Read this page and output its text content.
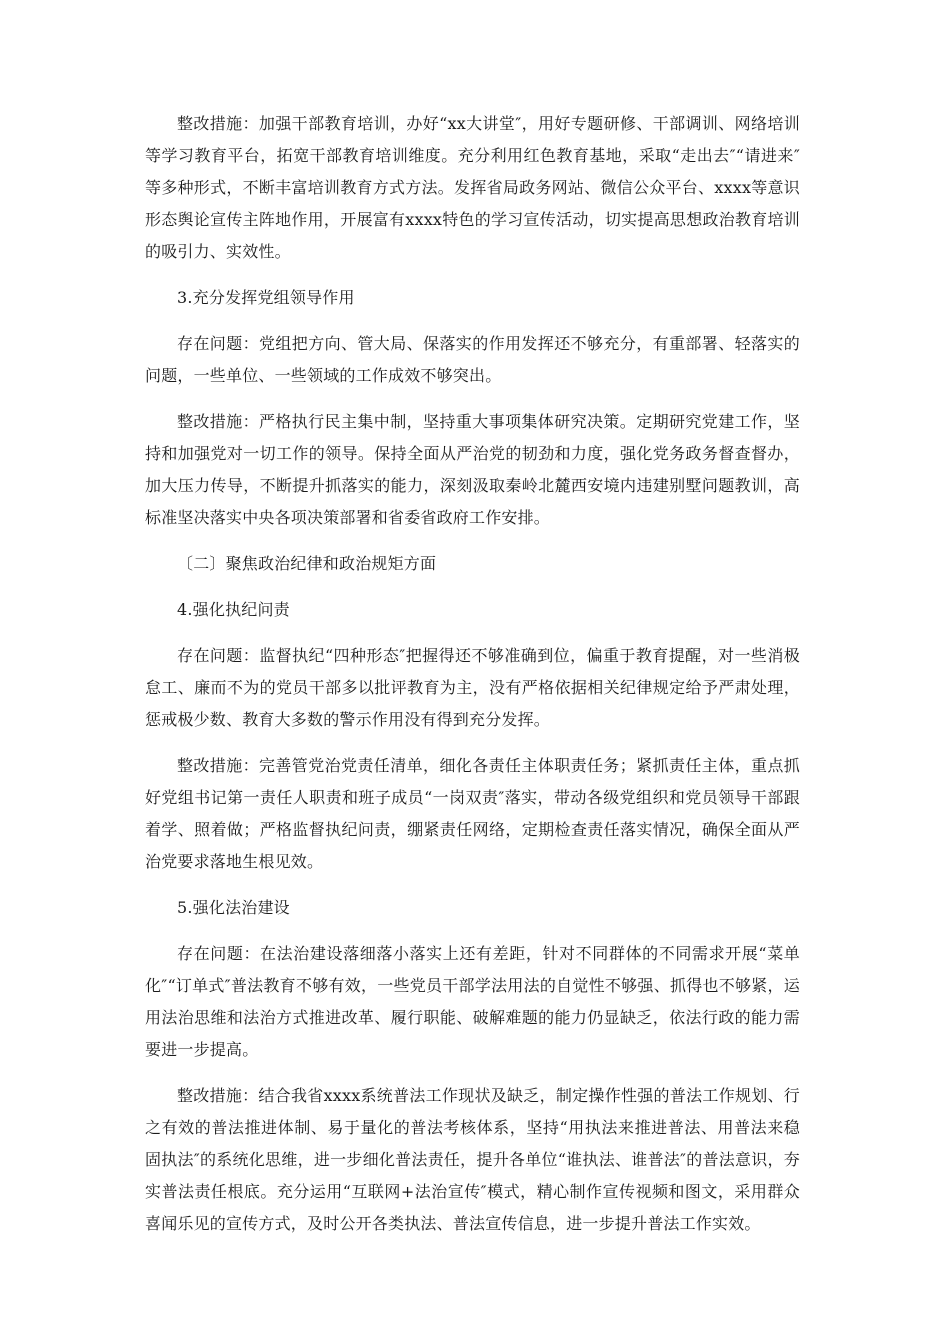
整改措施：加强干部教育培训，办好“xx大讲堂″，用好专题研修、干部调训、网络培训等学习教育平台，拓宽干部教育培训维度。充分利用红色教育基地，采取“走出去″“请进来″等多种形式，不断丰富培训教育方式方法。发挥省局政务网站、微信公众平台、xxxx等意识形态舆论宣传主阵地作用，开展富有xxxx特色的学习宣传活动，切实提高思想政治教育培训的吸引力、实效性。

3.充分发挥党组领导作用

存在问题：党组把方向、管大局、保落实的作用发挥还不够充分，有重部署、轻落实的问题，一些单位、一些领域的工作成效不够突出。

整改措施：严格执行民主集中制，坚持重大事项集体研究决策。定期研究党建工作，坚持和加强党对一切工作的领导。保持全面从严治党的韧劲和力度，强化党务政务督查督办，加大压力传导，不断提升抓落实的能力，深刻汲取秦岭北麓西安境内违建别墅问题教训，高标准坚决落实中央各项决策部署和省委省政府工作安排。

〔二〕聚焦政治纪律和政治规矩方面

4.强化执纪问责

存在问题：监督执纪“四种形态″把握得还不够准确到位，偏重于教育提醒，对一些消极怠工、廉而不为的党员干部多以批评教育为主，没有严格依据相关纪律规定给予严肃处理，惩戒极少数、教育大多数的警示作用没有得到充分发挥。

整改措施：完善管党治党责任清单，细化各责任主体职责任务；紧抓责任主体，重点抓好党组书记第一责任人职责和班子成员“一岗双责″落实，带动各级党组织和党员领导干部跟着学、照着做；严格监督执纪问责，绷紧责任网络，定期检查责任落实情况，确保全面从严治党要求落地生根见效。

5.强化法治建设

存在问题：在法治建设落细落小落实上还有差距，针对不同群体的不同需求开展“菜单化″“订单式″普法教育不够有效，一些党员干部学法用法的自觉性不够强、抓得也不够紧，运用法治思维和法治方式推进改革、履行职能、破解难题的能力仍显缺乏，依法行政的能力需要进一步提高。

整改措施：结合我省xxxx系统普法工作现状及缺乏，制定操作性强的普法工作规划、行之有效的普法推进体制、易于量化的普法考核体系，坚持“用执法来推进普法、用普法来稳固执法″的系统化思维，进一步细化普法责任，提升各单位“谁执法、谁普法″的普法意识，夯实普法责任根底。充分运用“互联网+法治宣传″模式，精心制作宣传视频和图文，采用群众喜闻乐见的宣传方式，及时公开各类执法、普法宣传信息，进一步提升普法工作实效。
